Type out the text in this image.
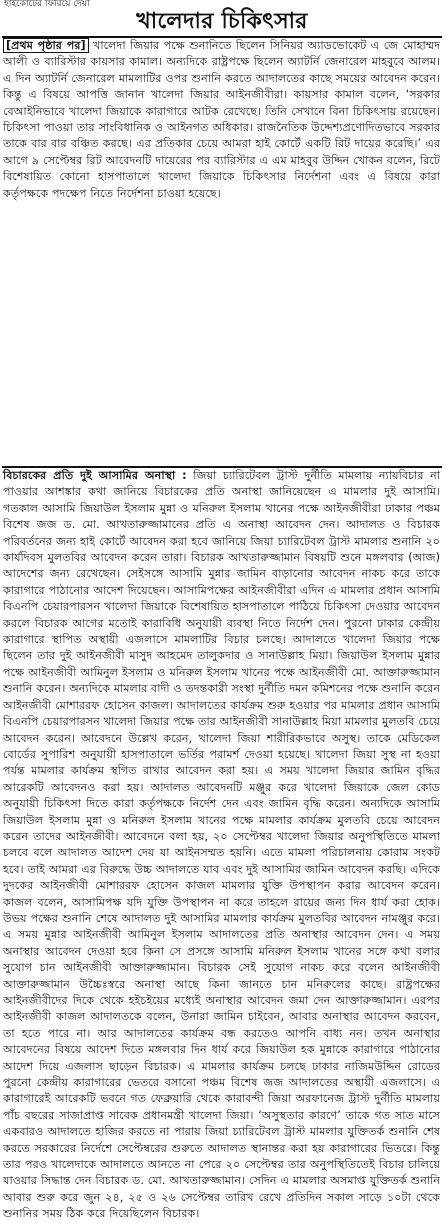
হাইকোর্টের ফিরিয়ে দেয়া
খালেদার চিকিৎসার

[প্রথম পৃষ্ঠার পর] খালেদা জিয়ার পক্ষে শুনানিতে ছিলেন সিনিয়র অ্যাডভোকেট এ জে মোহাম্মদ আলী ও ব্যারিস্টার কায়সার কামাল। অন্যদিকে রাষ্ট্রপক্ষে ছিলেন অ্যাটর্নি জেনারেল মাহবুবে আলম। এ দিন অ্যাটর্নি জেনারেল মামলাটির ওপর শুনানি করতে আদালতের কাছে সময়ের আবেদন করেন। কিন্তু এ বিষয়ে আপত্তি জানান খালেদা জিয়ার আইনজীবীরা। কায়সার কামাল বলেন, ‘সরকার বেআইনিভাবে খালেদা জিয়াকে কারাগারে আটক রেখেছে। তিনি সেখানে বিনা চিকিৎসায় রয়েছেন। চিকিৎসা পাওয়া তার সাংবিধানিক ও আইনগত অধিকার। রাজনৈতিক উদ্দেশ্যপ্রণোদিতভাবে সরকার তাকে বার বার বঞ্চিত করছে। এর প্রতিকার চেয়ে আমরা হাই কোর্টে একটি রিট দায়ের করেছি।’ এর আগে ৯ সেপ্টেম্বর রিট আবেদনটি দায়েরের পর ব্যারিস্টার এ এম মাহবুব উদ্দিন খোকন বলেন, রিটে বিশেষায়িত কোনো হাসপাতালে খালেদা জিয়াকে চিকিৎসার নির্দেশনা এবং এ বিষয়ে কারা কর্তৃপক্ষকে পদক্ষেপ নিতে নির্দেশনা চাওয়া হয়েছে।

বিচারকের প্রতি দুই আসামির অনাস্থা : জিয়া চ্যারিটেবল ট্রাস্ট দুর্নীতি মামলায় ন্যায়বিচার না পাওয়ার আশঙ্কার কথা জানিয়ে বিচারকের প্রতি অনাস্থা জানিয়েছেন এ মামলার দুই আসামি। গতকাল আসামি জিয়াউল ইসলাম মুন্না ও মনিরুল ইসলাম খানের পক্ষে আইনজীবীরা ঢাকার পঞ্চম বিশেষ জজ ড. মো. আখতারুজ্জামানের প্রতি এ অনাস্থা আবেদন দেন। আদালত ও বিচারক পরিবর্তনের জন্য হাই কোর্টে আবেদন করা হবে জানিয়ে জিয়া চ্যারিটেবল ট্রাস্ট মামলার শুনানি ২০ কার্যদিবস মুলতবির আবেদন করেন তারা। বিচারক আখতারুজ্জামান বিষয়টি শুনে মঙ্গলবার (আজ) আদেশের জন্য রেখেছেন। সেইসঙ্গে আসামি মুন্নার জামিন বাড়ানোর আবেদন নাকচ করে তাকে কারাগারে পাঠানোর আদেশ দিয়েছেন। আসামিপক্ষের আইনজীবীরা এদিন এ মামলার প্রধান আসামি বিএনপি চেয়ারপারসন খালেদা জিয়াকে বিশেষায়িত হাসপাতালে পাঠিয়ে চিকিৎসা দেওয়ার আবেদন করলে বিচারক আগের মতোই কারাবিধি অনুযায়ী ব্যবস্থা নিতে নির্দেশ দেন। পুরনো ঢাকার কেন্দ্রীয় কারাগারে স্থাপিত অস্থায়ী এজলাসে মামলাটির বিচার চলছে। আদালতে খালেদা জিয়ার পক্ষে ছিলেন তার দুই আইনজীবী মাসুদ আহমেদ তালুকদার ও সানাউল্লাহ মিয়া। জিয়াউল ইসলাম মুন্নার পক্ষে আইনজীবী আমিনুল ইসলাম ও মনিরুল ইসলাম খানের পক্ষে আইনজীবী মো. আক্তারুজ্জামান শুনানি করেন। অন্যদিকে মামলার বাদী ও তদন্তকারী সংস্থা দুর্নীতি দমন কমিশনের পক্ষে শুনানি করেন আইনজীবী মোশাররফ হোসেন কাজল। আদালতের কার্যক্রম শুরু হওয়ার পর মামলার প্রধান আসামি বিএনপি চেয়ারপারসন খালেদা জিয়ার পক্ষে তার আইনজীবী সানাউল্লাহ মিয়া মামলার মুলতবি চেয়ে আবেদন করেন। আবেদনে উল্লেখ করেন, খালেদা জিয়া শারীরিকভাবে অসুস্থ। তাকে মেডিকেল বোর্ডের সুপারিশ অনুযায়ী হাসপাতালে ভর্তির পরামর্শ দেওয়া হয়েছে। খালেদা জিয়া সুস্থ না হওয়া পর্যন্ত মামলার কার্যক্রম স্থগিত রাখার আবেদন করা হয়। এ সময় খালেদা জিয়ার জামিন বৃদ্ধির আরেকটি আবেদনও করা হয়। আদালত আবেদনটি মঞ্জুর করে খালেদা জিয়াকে জেল কোড অনুযায়ী চিকিৎসা দিতে কারা কর্তৃপক্ষকে নির্দেশ দেন এবং জামিন বৃদ্ধি করেন। অন্যদিকে আসামি জিয়াউল ইসলাম মুন্না ও মনিরুল ইসলাম খানের পক্ষে মামলার কার্যক্রম মুলতবি চেয়ে আবেদন করেন তাদের আইনজীবী। আবেদনে বলা হয়, ২০ সেপ্টেম্বর খালেদা জিয়ার অনুপস্থিতিতে মামলা চলবে বলে আদালত আদেশ দেয় যা আইনসম্মত হয়নি। এতে মামলা পরিচালনায় কোরাম সংকট হবে। তাই আমরা এর বিরুদ্ধে উচ্চ আদালতে যাব এবং দুই আসামির জামিন আবেদন করছি। এদিকে দুদকের আইনজীবী মোশাররফ হোসেন কাজল মামলার যুক্তি উপস্থাপন করার আবেদন করেন। কাজল বলেন, আসামিপক্ষ যদি যুক্তি উপস্থাপন না করে তাহলে রায়ের জন্য দিন ধার্য করা হোক। উভয় পক্ষের শুনানি শেষে আদালত দুই আসামির মামলার কার্যক্রম মুলতবির আবেদন নামঞ্জুর করে। এ সময় মুন্নার আইনজীবী আমিনুল ইসলাম আদালতের প্রতি অনাস্থার আবেদন দেন। এ সময় অনাস্থার আবেদন দেওয়া হবে কিনা সে প্রসঙ্গে আসামি মনিরুল ইসলাম খানের সঙ্গে কথা বলার সুযোগ চান আইনজীবী আক্তারুজ্জামান। বিচারক সেই সুযোগ নাকচ করে বলেন আইনজীবী আক্তারুজ্জামান উচ্চৈঃস্বরে অনাস্থা আছে কিনা জানতে চান মনিরুলের কাছে। রাষ্ট্রপক্ষের আইনজীবীদের দিকে থেকে হইচইয়ের মধ্যেই অনাস্থার আবেদন জমা দেন আক্তারুজ্জামান। এরপর আইনজীবী কাজল আদালতকে বলেন, উনারা জামিন চাইবেন, আবার অনাস্থার আবেদন করবেন, তা হতে পারে না। আর আদালতের কার্যক্রম বন্ধ করতেও আপনি বাধ্য নন। তখন অনাস্থার আবেদনের বিষয়ে আদেশ দিতে মঙ্গলবার দিন ধার্য করে জিয়াউল হক মুন্নাকে কারাগারে পাঠানোর আদেশ দিয়ে এজলাস ছাড়েন বিচারক। এ মামলার কার্যক্রম চলছে ঢাকার নাজিমউদ্দিন রোডের পুরনো কেন্দ্রীয় কারাগারের ভেতরে বসানো পঞ্চম বিশেষ জজ আদালতের অস্থায়ী এজলাসে। এ কারাগারেই আরেকটি ভবনে গত ফেব্রুয়ারি থেকে কারাবন্দী জিয়া অরফানেজ ট্রাস্ট দুর্নীতি মামলায় পাঁচ বছরের সাজাপ্রাপ্ত সাবেক প্রধানমন্ত্রী খালেদা জিয়া। ‘অসুস্থতার কারণে’ তাকে গত সাত মাসে একবারও আদালতে হাজির করতে না পারায় জিয়া চ্যারিটেবল ট্রাস্ট মামলার যুক্তিতর্ক শুনানি শেষ করতে সরকারের নির্দেশে সেপ্টেম্বরের শুরুতে আদালত স্থানান্তর করা হয় কারাগারের ভিতরে। কিন্তু তার পরও খালেদাকে আদালতে আনতে না পেরে ২০ সেপ্টেম্বর তার অনুপস্থিতিতেই বিচার চালিয়ে যাওয়ার সিদ্ধান্ত দেন বিচারক ড. মো. আখতারুজ্জামান। সেদিন এ মামলার অসমাপ্ত যুক্তিতর্ক শুনানি আবার শুরু করে জুন ২৪, ২৫ ও ২৬ সেপ্টেম্বর তারিখ রেখে প্রতিদিন সকাল সাড়ে ১০টা থেকে শুনানির সময় ঠিক করে দিয়েছিলেন বিচারক।
